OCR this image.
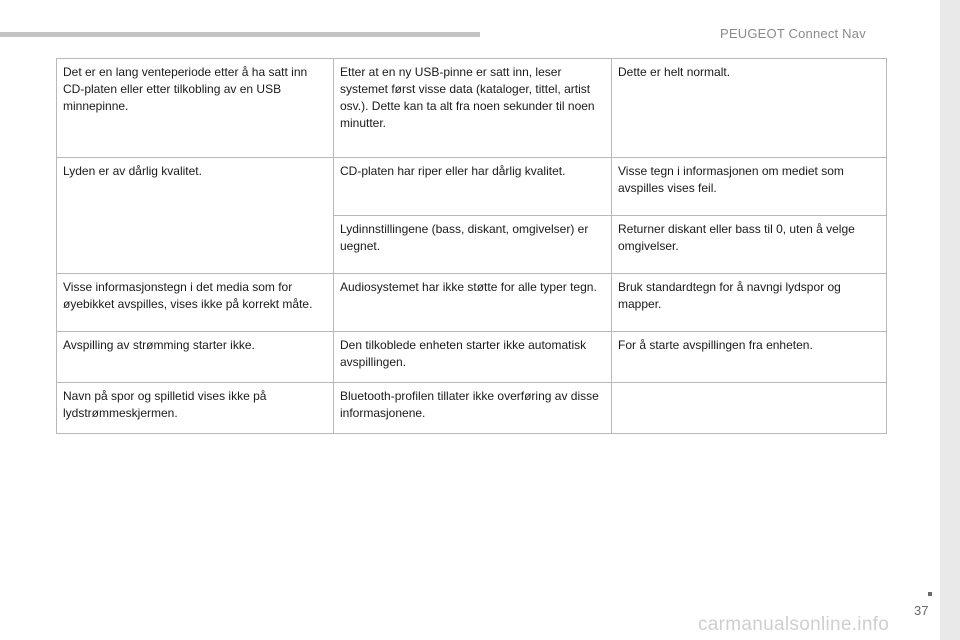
PEUGEOT Connect Nav
Det er en lang venteperiode etter å ha satt inn CD-platen eller etter tilkobling av en USB minnepinne.	Etter at en ny USB-pinne er satt inn, leser systemet først visse data (kataloger, tittel, artist osv.). Dette kan ta alt fra noen sekunder til noen minutter.	Dette er helt normalt.
Lyden er av dårlig kvalitet.	CD-platen har riper eller har dårlig kvalitet.	Visse tegn i informasjonen om mediet som avspilles vises feil.
	Lydinnstillingene (bass, diskant, omgivelser) er uegnet.	Returner diskant eller bass til 0, uten å velge omgivelser.
Visse informasjonstegn i det media som for øyebikket avspilles, vises ikke på korrekt måte.	Audiosystemet har ikke støtte for alle typer tegn.	Bruk standardtegn for å navngi lydspor og mapper.
Avspilling av strømming starter ikke.	Den tilkoblede enheten starter ikke automatisk avspillingen.	For å starte avspillingen fra enheten.
Navn på spor og spilletid vises ikke på lydstrømmeskjermen.	Bluetooth-profilen tillater ikke overføring av disse informasjonene.	
37
carmanualsonline.info
